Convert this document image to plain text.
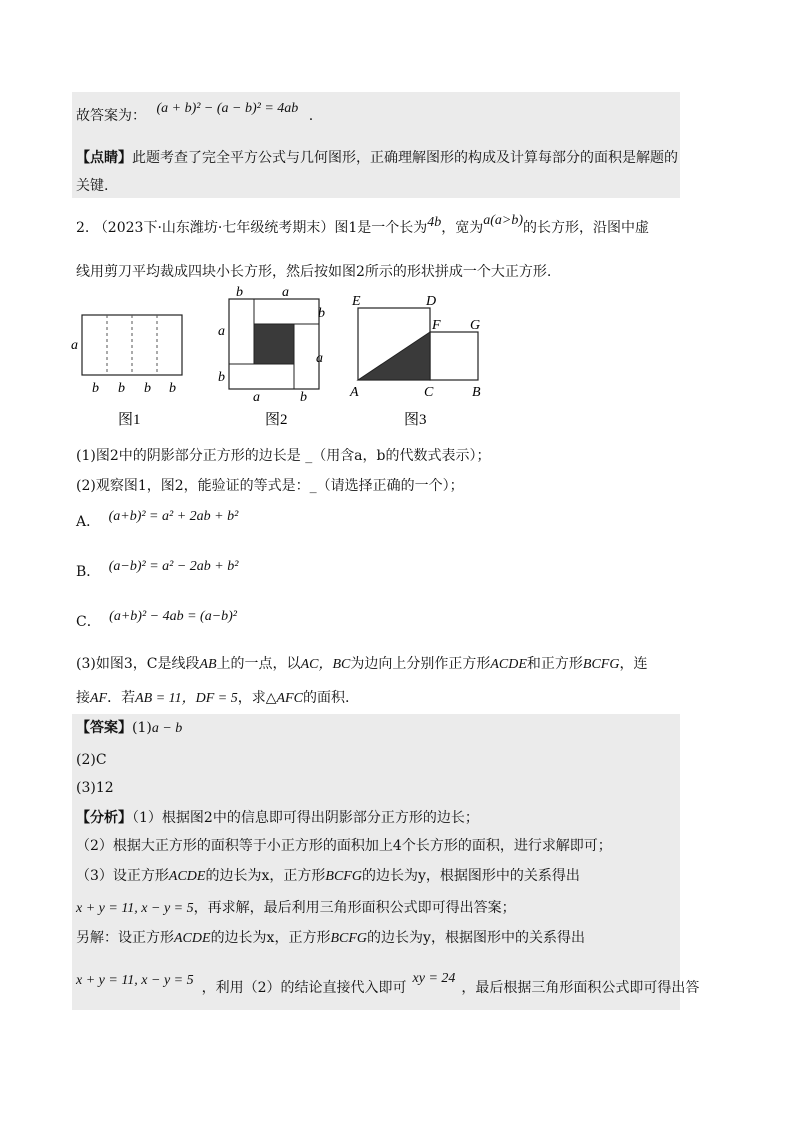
故答案为： (a + b)² − (a − b)² = 4ab .
【点睛】此题考查了完全平方公式与几何图形，正确理解图形的构成及计算每部分的面积是解题的
关键.
2. （2023下·山东潍坊·七年级统考期末）图1是一个长为4b，宽为a(a>b)的长方形，沿图中虚
线用剪刀平均裁成四块小长方形，然后按如图2所示的形状拼成一个大正方形.
a
b b b b
图1
b	a
b
a
a
b
a	b
图2
E	D
F G
A	C	B
图3
(1)图2中的阴影部分正方形的边长是 _（用含a，b的代数式表示）；
(2)观察图1，图2，能验证的等式是：_（请选择正确的一个）；
A． (a+b)² = a² + 2ab + b²
B． (a−b)² = a² − 2ab + b²
C． (a+b)² − 4ab = (a−b)²
(3)如图3，C是线段AB上的一点，以AC，BC为边向上分别作正方形ACDE和正方形BCFG，连
接AF．若AB = 11，DF = 5，求△AFC的面积.
【答案】(1)a − b
(2)C
(3)12
【分析】（1）根据图2中的信息即可得出阴影部分正方形的边长；
（2）根据大正方形的面积等于小正方形的面积加上4个长方形的面积，进行求解即可；
（3）设正方形ACDE的边长为x，正方形BCFG的边长为y，根据图形中的关系得出
x + y = 11, x − y = 5，再求解，最后利用三角形面积公式即可得出答案；
另解：设正方形ACDE的边长为x，正方形BCFG的边长为y，根据图形中的关系得出
x + y = 11, x − y = 5 ，利用（2）的结论直接代入即可xy = 24，最后根据三角形面积公式即可得出答
